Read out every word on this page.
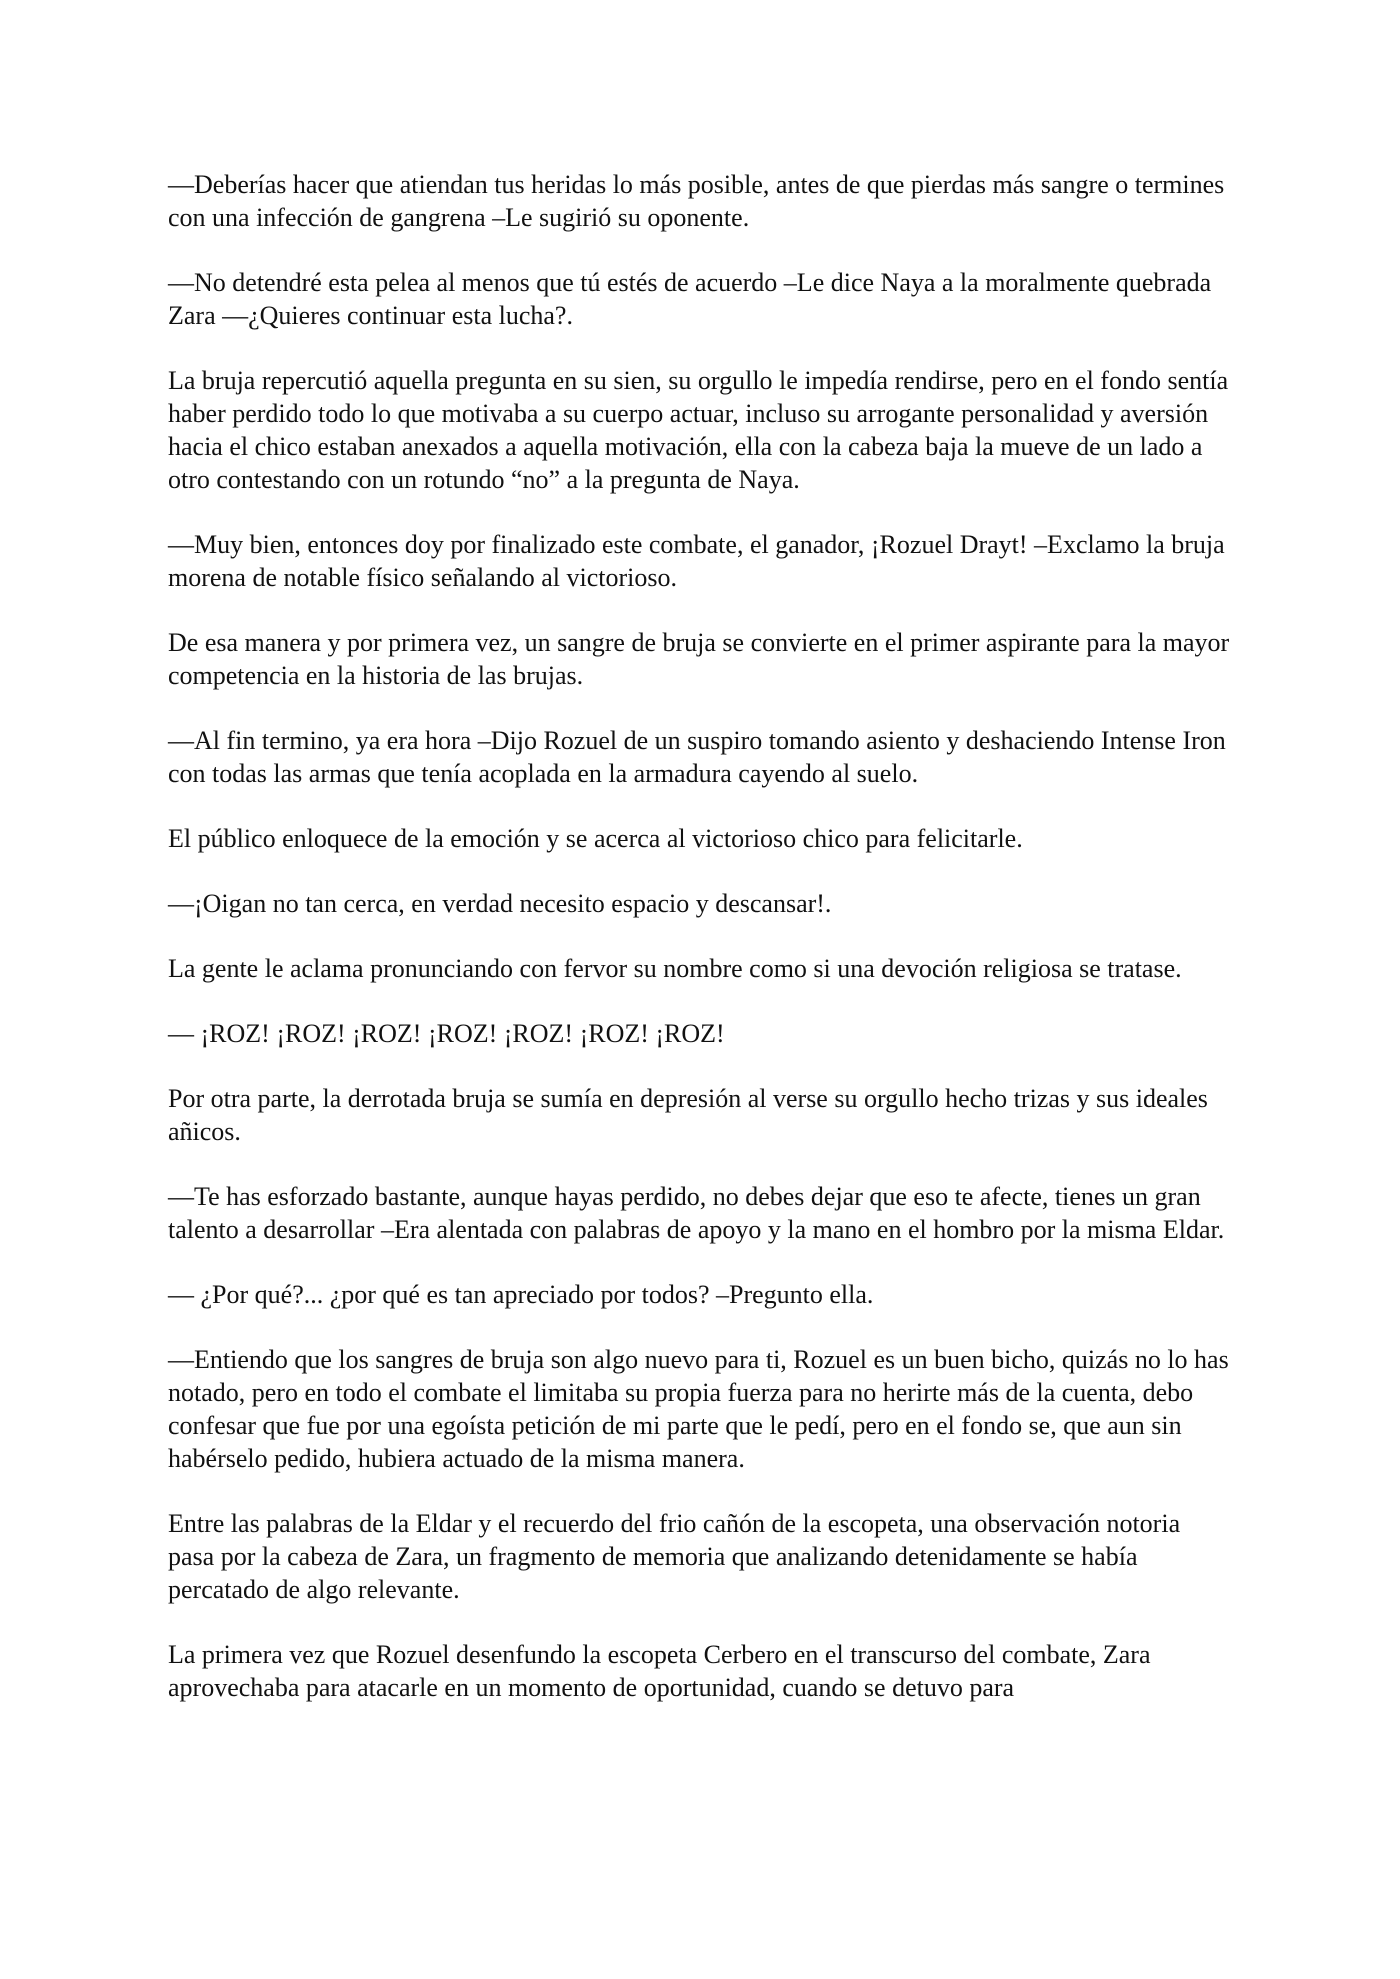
—Deberías hacer que atiendan tus heridas lo más posible, antes de que pierdas más sangre o termines con una infección de gangrena –Le sugirió su oponente.

—No detendré esta pelea al menos que tú estés de acuerdo –Le dice Naya a la moralmente quebrada Zara —¿Quieres continuar esta lucha?.

La bruja repercutió aquella pregunta en su sien, su orgullo le impedía rendirse, pero en el fondo sentía haber perdido todo lo que motivaba a su cuerpo actuar, incluso su arrogante personalidad y aversión hacia el chico estaban anexados a aquella motivación, ella con la cabeza baja la mueve de un lado a otro contestando con un rotundo “no” a la pregunta de Naya.

—Muy bien, entonces doy por finalizado este combate, el ganador, ¡Rozuel Drayt! –Exclamo la bruja morena de notable físico señalando al victorioso.

De esa manera y por primera vez, un sangre de bruja se convierte en el primer aspirante para la mayor competencia en la historia de las brujas.

—Al fin termino, ya era hora –Dijo Rozuel de un suspiro tomando asiento y deshaciendo Intense Iron con todas las armas que tenía acoplada en la armadura cayendo al suelo.

El público enloquece de la emoción y se acerca al victorioso chico para felicitarle.

—¡Oigan no tan cerca, en verdad necesito espacio y descansar!.

La gente le aclama pronunciando con fervor su nombre como si una devoción religiosa se tratase.

— ¡ROZ! ¡ROZ! ¡ROZ! ¡ROZ! ¡ROZ! ¡ROZ! ¡ROZ!

Por otra parte, la derrotada bruja se sumía en depresión al verse su orgullo hecho trizas y sus ideales añicos.

—Te has esforzado bastante, aunque hayas perdido, no debes dejar que eso te afecte, tienes un gran talento a desarrollar –Era alentada con palabras de apoyo y la mano en el hombro por la misma Eldar.

— ¿Por qué?... ¿por qué es tan apreciado por todos? –Pregunto ella.

—Entiendo que los sangres de bruja son algo nuevo para ti, Rozuel es un buen bicho, quizás no lo has notado, pero en todo el combate el limitaba su propia fuerza para no herirte más de la cuenta, debo confesar que fue por una egoísta petición de mi parte que le pedí, pero en el fondo se, que aun sin habérselo pedido, hubiera actuado de la misma manera.

Entre las palabras de la Eldar y el recuerdo del frio cañón de la escopeta, una observación notoria pasa por la cabeza de Zara, un fragmento de memoria que analizando detenidamente se había percatado de algo relevante.

La primera vez que Rozuel desenfundo la escopeta Cerbero en el transcurso del combate, Zara aprovechaba para atacarle en un momento de oportunidad, cuando se detuvo para
